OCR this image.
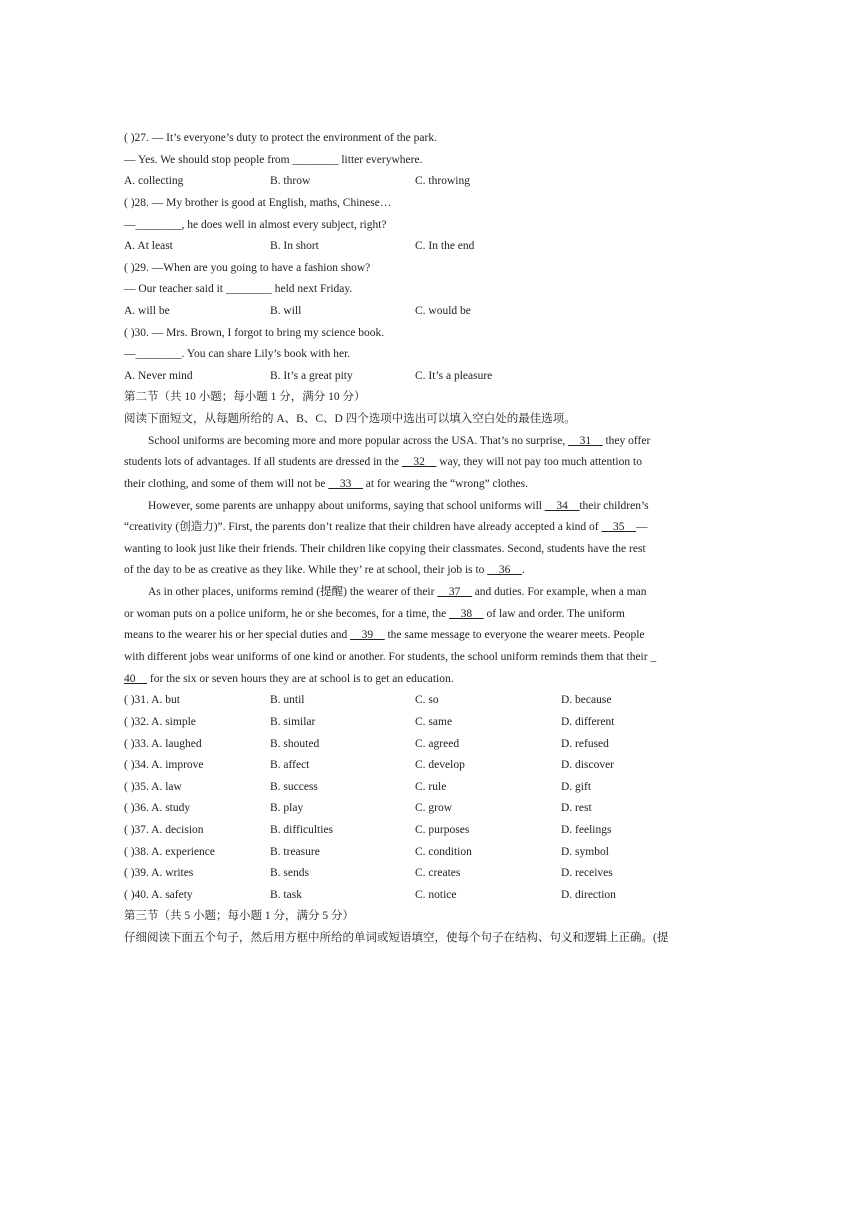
( )27. — It’s everyone’s duty to protect the environment of the park.
— Yes. We should stop people from ________ litter everywhere.
A. collecting	B. throw	C. throwing
( )28. — My brother is good at English, maths, Chinese…
—________, he does well in almost every subject, right?
A. At least	B. In short	C. In the end
( )29. —When are you going to have a fashion show?
— Our teacher said it ________ held next Friday.
A. will be	B. will	C. would be
( )30. — Mrs. Brown, I forgot to bring my science book.
—________. You can share Lily’s book with her.
A. Never mind	B. It’s a great pity	C. It’s a pleasure
第二节（共 10 小题；每小题 1 分，满分 10 分）
阅读下面短文，从每题所给的 A、B、C、D 四个选项中选出可以填入空白处的最佳选项。
School uniforms are becoming more and more popular across the USA. That’s no surprise, __31__ they offer
students lots of advantages. If all students are dressed in the __32__ way, they will not pay too much attention to
their clothing, and some of them will not be __33__ at for wearing the “wrong” clothes.
However, some parents are unhappy about uniforms, saying that school uniforms will __34__their children’s
“creativity (创造力)”. First, the parents don’t realize that their children have already accepted a kind of __35__—
wanting to look just like their friends. Their children like copying their classmates. Second, students have the rest
of the day to be as creative as they like. While they’ re at school, their job is to __36__.
As in other places, uniforms remind (提醒) the wearer of their __37__ and duties. For example, when a man
or woman puts on a police uniform, he or she becomes, for a time, the __38__ of law and order. The uniform
means to the wearer his or her special duties and __39__ the same message to everyone the wearer meets. People
with different jobs wear uniforms of one kind or another. For students, the school uniform reminds them that their _
40__ for the six or seven hours they are at school is to get an education.
( )31. A. but	B. until	C. so	D. because
( )32. A. simple	B. similar	C. same	D. different
( )33. A. laughed	B. shouted	C. agreed	D. refused
( )34. A. improve	B. affect	C. develop	D. discover
( )35. A. law	B. success	C. rule	D. gift
( )36. A. study	B. play	C. grow	D. rest
( )37. A. decision	B. difficulties	C. purposes	D. feelings
( )38. A. experience	B. treasure	C. condition	D. symbol
( )39. A. writes	B. sends	C. creates	D. receives
( )40. A. safety	B. task	C. notice	D. direction
第三节（共 5 小题；每小题 1 分，满分 5 分）
仔细阅读下面五个句子，然后用方框中所给的单词或短语填空，使每个句子在结构、句义和逻辑上正确。(提
